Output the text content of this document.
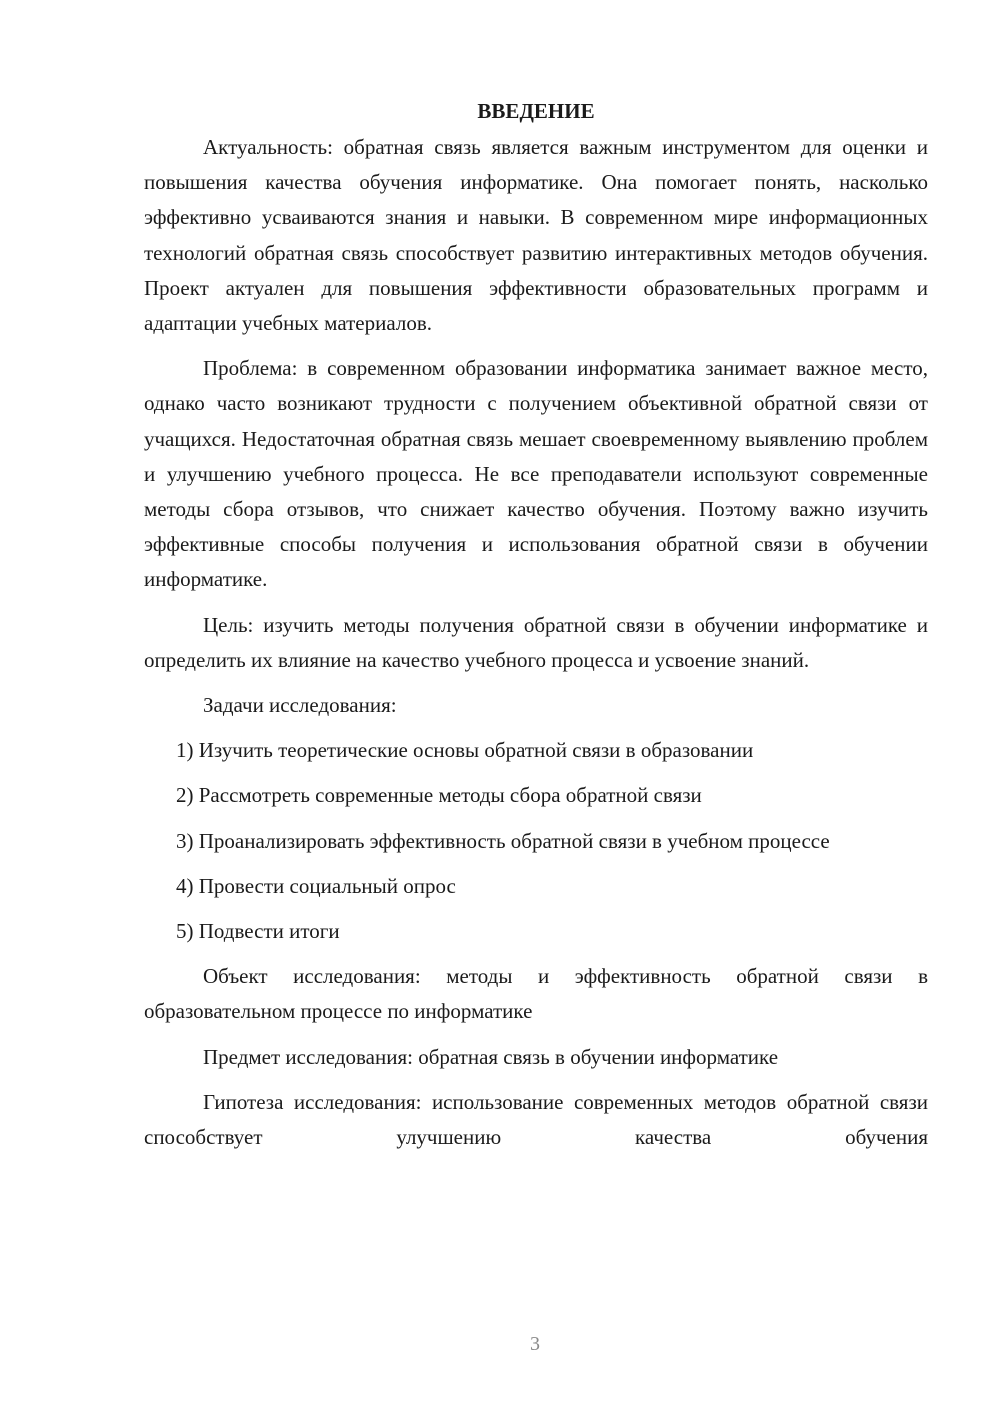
ВВЕДЕНИЕ

Актуальность: обратная связь является важным инструментом для оценки и повышения качества обучения информатике. Она помогает понять, насколько эффективно усваиваются знания и навыки. В современном мире информационных технологий обратная связь способствует развитию интерактивных методов обучения. Проект актуален для повышения эффективности образовательных программ и адаптации учебных материалов.

Проблема: в современном образовании информатика занимает важное место, однако часто возникают трудности с получением объективной обратной связи от учащихся. Недостаточная обратная связь мешает своевременному выявлению проблем и улучшению учебного процесса. Не все преподаватели используют современные методы сбора отзывов, что снижает качество обучения. Поэтому важно изучить эффективные способы получения и использования обратной связи в обучении информатике.

Цель: изучить методы получения обратной связи в обучении информатике и определить их влияние на качество учебного процесса и усвоение знаний.

Задачи исследования:

1) Изучить теоретические основы обратной связи в образовании

2) Рассмотреть современные методы сбора обратной связи

3) Проанализировать эффективность обратной связи в учебном процессе

4) Провести социальный опрос

5) Подвести итоги

Объект исследования: методы и эффективность обратной связи в образовательном процессе по информатике

Предмет исследования: обратная связь в обучении информатике

Гипотеза исследования: использование современных методов обратной связи способствует улучшению качества обучения

3
